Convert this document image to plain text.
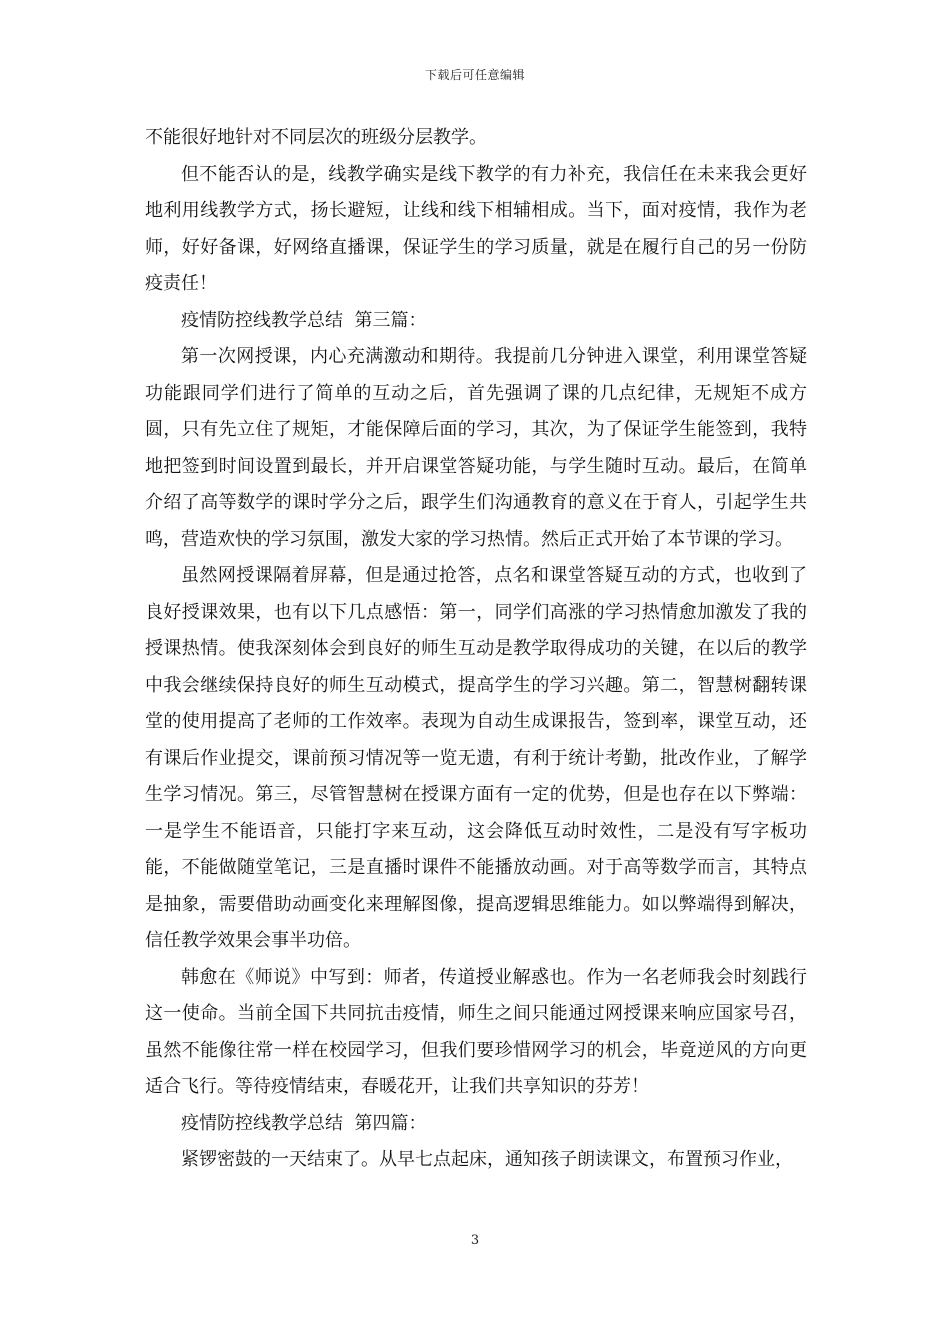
下载后可任意编辑

不能很好地针对不同层次的班级分层教学。

但不能否认的是，线教学确实是线下教学的有力补充，我信任在未来我会更好地利用线教学方式，扬长避短，让线和线下相辅相成。当下，面对疫情，我作为老师，好好备课，好网络直播课，保证学生的学习质量，就是在履行自己的另一份防疫责任！

疫情防控线教学总结  第三篇：

第一次网授课，内心充满激动和期待。我提前几分钟进入课堂，利用课堂答疑功能跟同学们进行了简单的互动之后，首先强调了课的几点纪律，无规矩不成方圆，只有先立住了规矩，才能保障后面的学习，其次，为了保证学生能签到，我特地把签到时间设置到最长，并开启课堂答疑功能，与学生随时互动。最后，在简单介绍了高等数学的课时学分之后，跟学生们沟通教育的意义在于育人，引起学生共鸣，营造欢快的学习氛围，激发大家的学习热情。然后正式开始了本节课的学习。

虽然网授课隔着屏幕，但是通过抢答，点名和课堂答疑互动的方式，也收到了良好授课效果，也有以下几点感悟：第一，同学们高涨的学习热情愈加激发了我的授课热情。使我深刻体会到良好的师生互动是教学取得成功的关键，在以后的教学中我会继续保持良好的师生互动模式，提高学生的学习兴趣。第二，智慧树翻转课堂的使用提高了老师的工作效率。表现为自动生成课报告，签到率，课堂互动，还有课后作业提交，课前预习情况等一览无遗，有利于统计考勤，批改作业，了解学生学习情况。第三，尽管智慧树在授课方面有一定的优势，但是也存在以下弊端：一是学生不能语音，只能打字来互动，这会降低互动时效性，二是没有写字板功能，不能做随堂笔记，三是直播时课件不能播放动画。对于高等数学而言，其特点是抽象，需要借助动画变化来理解图像，提高逻辑思维能力。如以弊端得到解决，信任教学效果会事半功倍。

韩愈在《师说》中写到：师者，传道授业解惑也。作为一名老师我会时刻践行这一使命。当前全国下共同抗击疫情，师生之间只能通过网授课来响应国家号召，虽然不能像往常一样在校园学习，但我们要珍惜网学习的机会，毕竟逆风的方向更适合飞行。等待疫情结束，春暖花开，让我们共享知识的芬芳！

疫情防控线教学总结  第四篇：

紧锣密鼓的一天结束了。从早七点起床，通知孩子朗读课文，布置预习作业，

3
